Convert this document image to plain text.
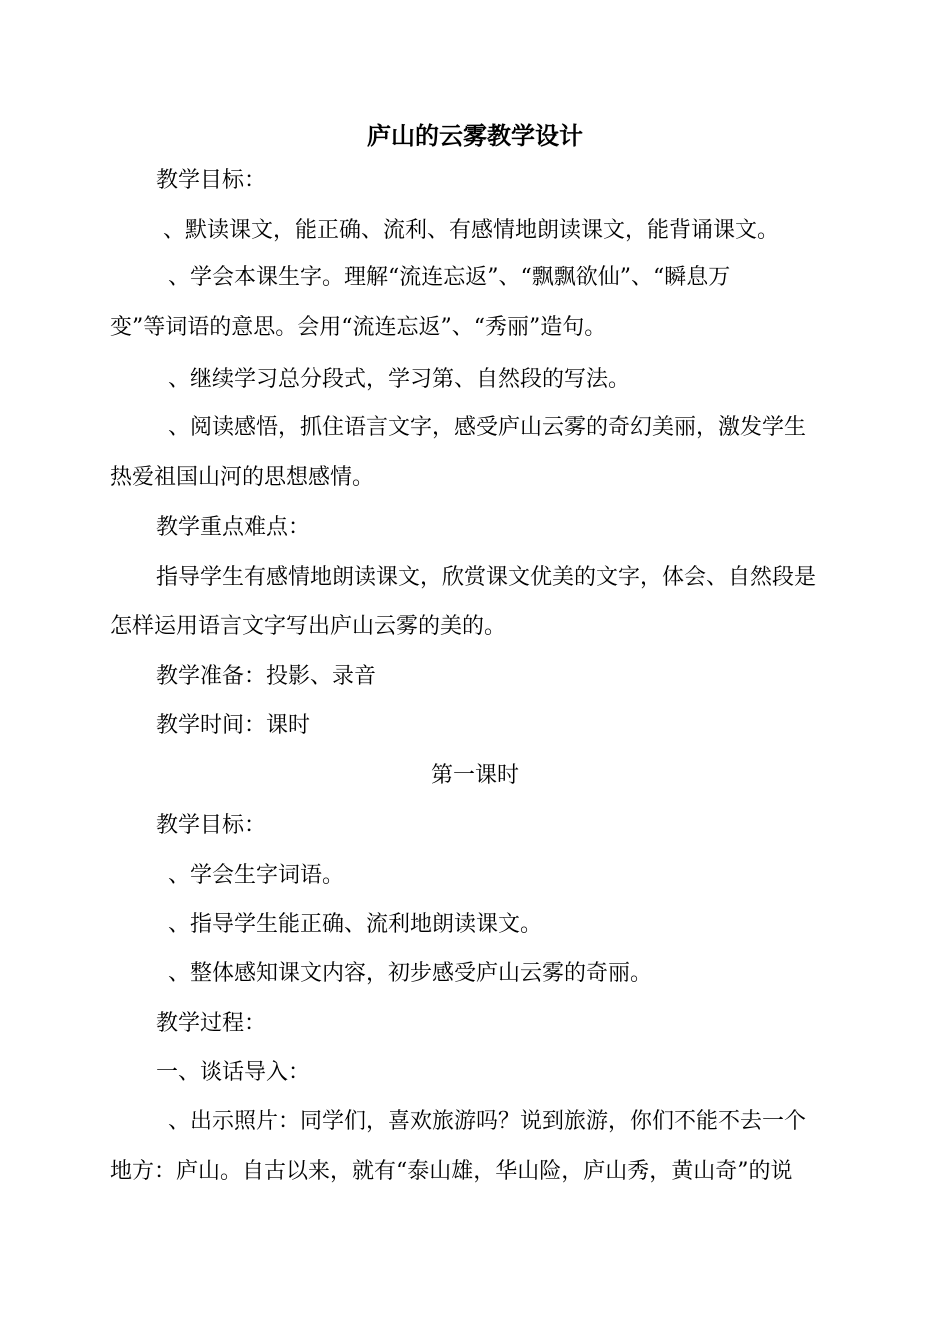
庐山的云雾教学设计
教学目标：
、默读课文，能正确、流利、有感情地朗读课文，能背诵课文。
、学会本课生字。理解“流连忘返”、“飘飘欲仙”、“瞬息万
变”等词语的意思。会用“流连忘返”、“秀丽”造句。
、继续学习总分段式，学习第、自然段的写法。
、阅读感悟，抓住语言文字，感受庐山云雾的奇幻美丽，激发学生
热爱祖国山河的思想感情。
教学重点难点：
指导学生有感情地朗读课文，欣赏课文优美的文字，体会、自然段是
怎样运用语言文字写出庐山云雾的美的。
教学准备：投影、录音
教学时间：课时
第一课时
教学目标：
、学会生字词语。
、指导学生能正确、流利地朗读课文。
、整体感知课文内容，初步感受庐山云雾的奇丽。
教学过程：
一、谈话导入：
、出示照片：同学们，喜欢旅游吗？说到旅游，你们不能不去一个
地方：庐山。自古以来，就有“泰山雄，华山险，庐山秀，黄山奇”的说
